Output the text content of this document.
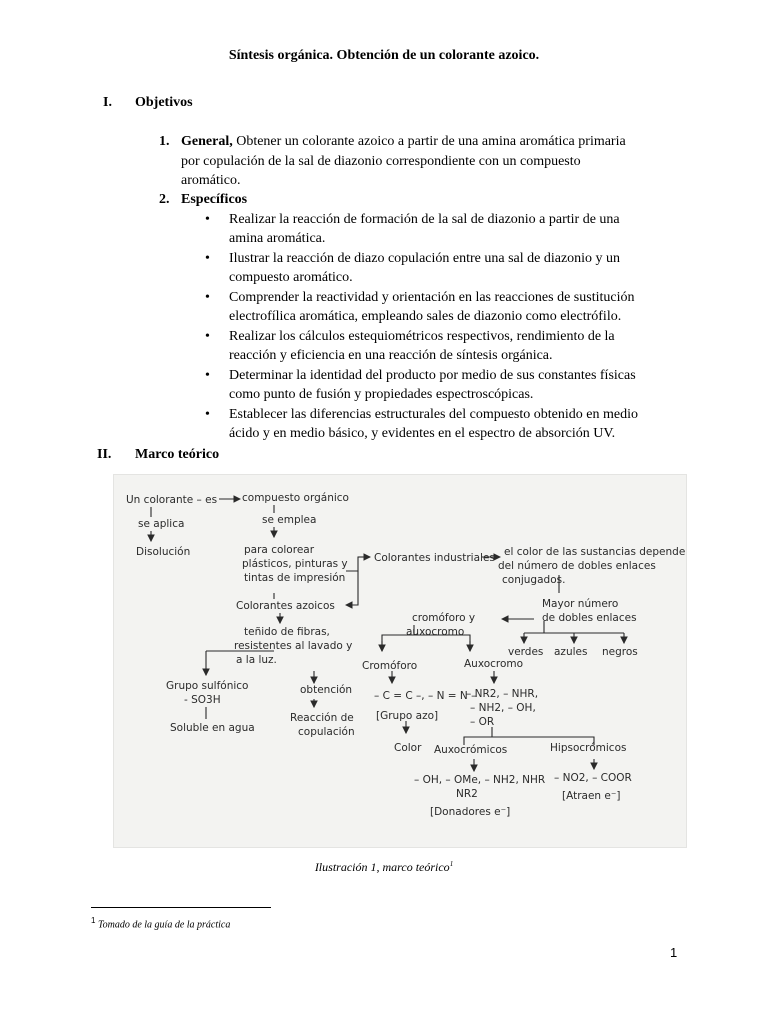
Síntesis orgánica. Obtención de un colorante azoico.
I.	Objetivos
1. General, Obtener un colorante azoico a partir de una amina aromática primaria
por copulación de la sal de diazonio correspondiente con un compuesto
aromático.
2. Específicos
• Realizar la reacción de formación de la sal de diazonio a partir de una
amina aromática.
• Ilustrar la reacción de diazo copulación entre una sal de diazonio y un
compuesto aromático.
• Comprender la reactividad y orientación en las reacciones de sustitución
electrofílica aromática, empleando sales de diazonio como electrófilo.
• Realizar los cálculos estequiométricos respectivos, rendimiento de la
reacción y eficiencia en una reacción de síntesis orgánica.
• Determinar la identidad del producto por medio de sus constantes físicas
como punto de fusión y propiedades espectroscópicas.
• Establecer las diferencias estructurales del compuesto obtenido en medio
ácido y en medio básico, y evidentes en el espectro de absorción UV.
II.	Marco teórico
Un colorante – es compuesto orgánico
se aplica	se emplea
Disolución	para colorear
plásticos, pinturas y
tintas de impresión
Colorantes industriales el color de las sustancias dependen
del número de dobles enlaces
conjugados.
Colorantes azoicos
teñido de fibras,
resistentes al lavado y
a la luz.
cromóforo y
auxocromo
Mayor número
de dobles enlaces
verdes azules negros
Grupo sulfónico
- SO3H
obtención
Cromóforo	Auxocromo
– C = C –, – N = N –
– NR2, – NHR,
– NH2, – OH,
– OR
Soluble en agua
Reacción de
copulación
[Grupo azo]
Color Auxocrómicos	Hipsocrómicos
– OH, – OMe, – NH2, NHR
NR2
[Donadores e⁻]
– NO2, – COOR
[Atraen e⁻]
Ilustración 1, marco teórico$^1$
$^1$ Tomado de la guía de la práctica
1
